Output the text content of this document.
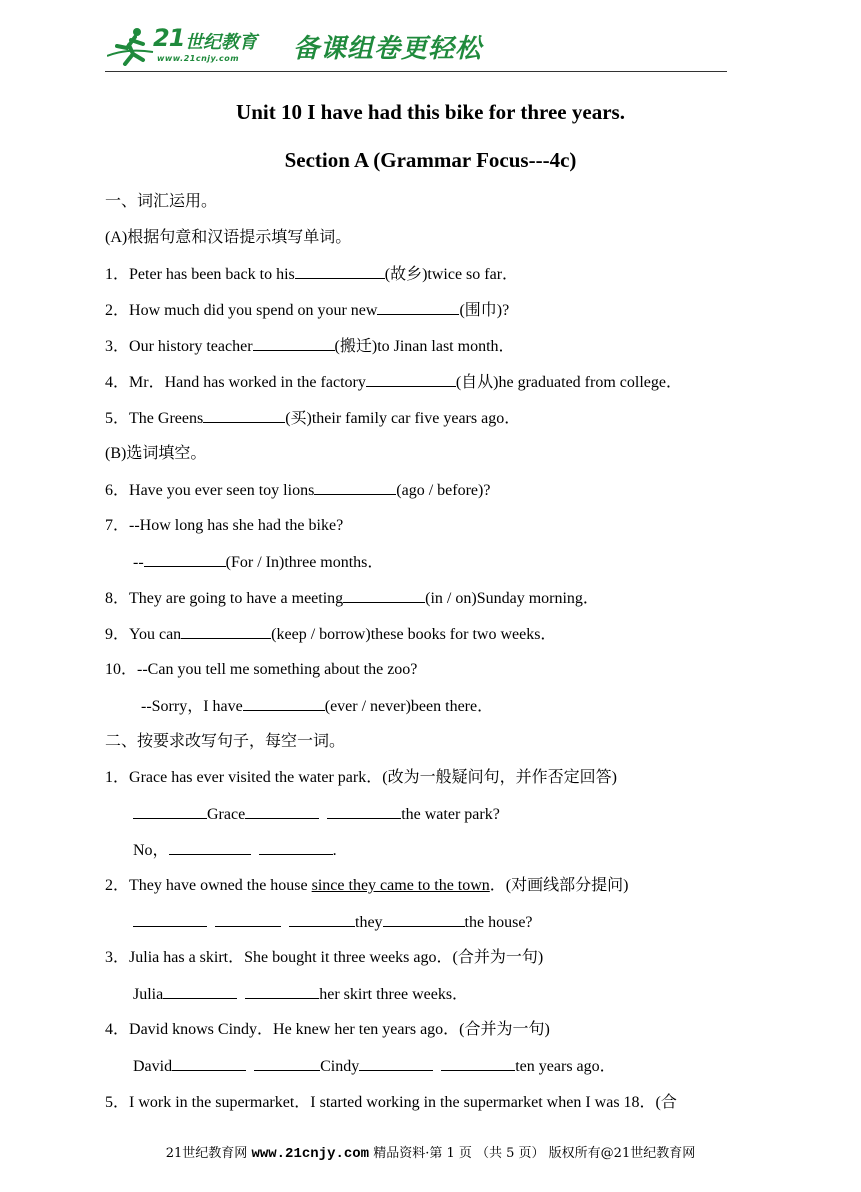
21 世纪教育
www.21cnjy.com 备课组卷更轻松
Unit 10 I have had this bike for three years.
Section A (Grammar Focus---4c)
一、词汇运用。
(A)根据句意和汉语提示填写单词。
1．Peter has been back to his	(故乡)twice so far．
2．How much did you spend on your new	(围巾)?
3．Our history teacher	(搬迁)to Jinan last month．
4．Mr．Hand has worked in the factory	(自从)he graduated from college．
5．The Greens	(买)their family car five years ago．
(B)选词填空。
6．Have you ever seen toy lions	(ago / before)?
7．--How long has she had the bike?
--	(For / In)three months．
8．They are going to have a meeting	(in / on)Sunday morning．
9．You can	(keep / borrow)these books for two weeks．
10．--Can you tell me something about the zoo?
--Sorry，I have	(ever / never)been there．
二、按要求改写句子，每空一词。
1．Grace has ever visited the water park．(改为一般疑问句，并作否定回答)
Grace	the water park?
No，	.
2．They have owned the house since they came to the town．(对画线部分提问)
they	the house?
3．Julia has a skirt．She bought it three weeks ago．(合并为一句)
Julia	her skirt three weeks．
4．David knows Cindy．He knew her ten years ago．(合并为一句)
David	Cindy	ten years ago．
5．I work in the supermarket．I started working in the supermarket when I was 18．(合
21世纪教育网 www.21cnjy.com 精品资料·第 1 页 （共 5 页） 版权所有@21世纪教育网
